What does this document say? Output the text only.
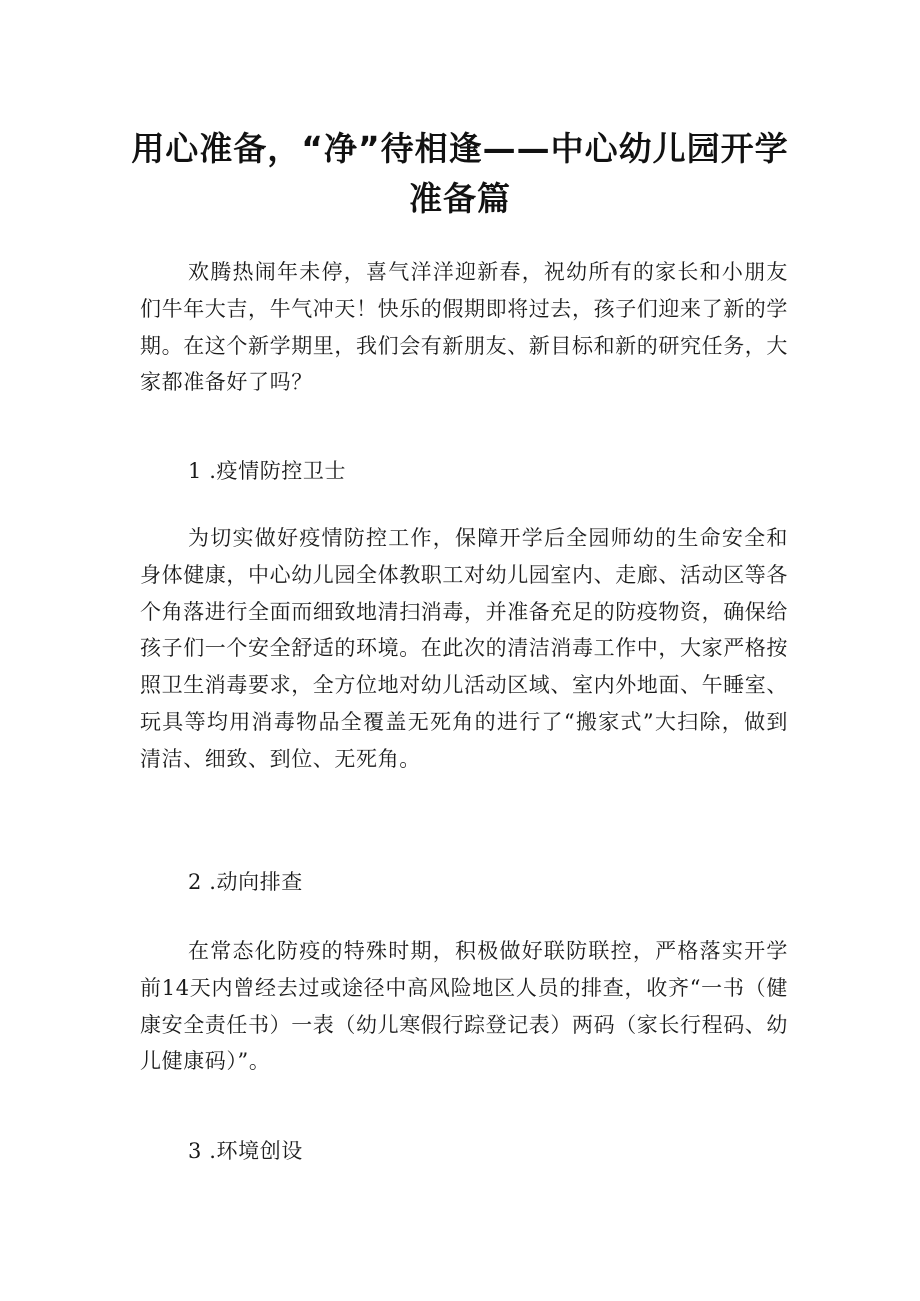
用心准备，“净”待相逢——中心幼儿园开学准备篇

欢腾热闹年未停，喜气洋洋迎新春，祝幼所有的家长和小朋友们牛年大吉，牛气冲天！快乐的假期即将过去，孩子们迎来了新的学期。在这个新学期里，我们会有新朋友、新目标和新的研究任务，大家都准备好了吗？

1 .疫情防控卫士

为切实做好疫情防控工作，保障开学后全园师幼的生命安全和身体健康，中心幼儿园全体教职工对幼儿园室内、走廊、活动区等各个角落进行全面而细致地清扫消毒，并准备充足的防疫物资，确保给孩子们一个安全舒适的环境。在此次的清洁消毒工作中，大家严格按照卫生消毒要求，全方位地对幼儿活动区域、室内外地面、午睡室、玩具等均用消毒物品全覆盖无死角的进行了“搬家式”大扫除，做到清洁、细致、到位、无死角。

2 .动向排查

在常态化防疫的特殊时期，积极做好联防联控，严格落实开学前14天内曾经去过或途径中高风险地区人员的排查，收齐“一书（健康安全责任书）一表（幼儿寒假行踪登记表）两码（家长行程码、幼儿健康码）”。

3 .环境创设
